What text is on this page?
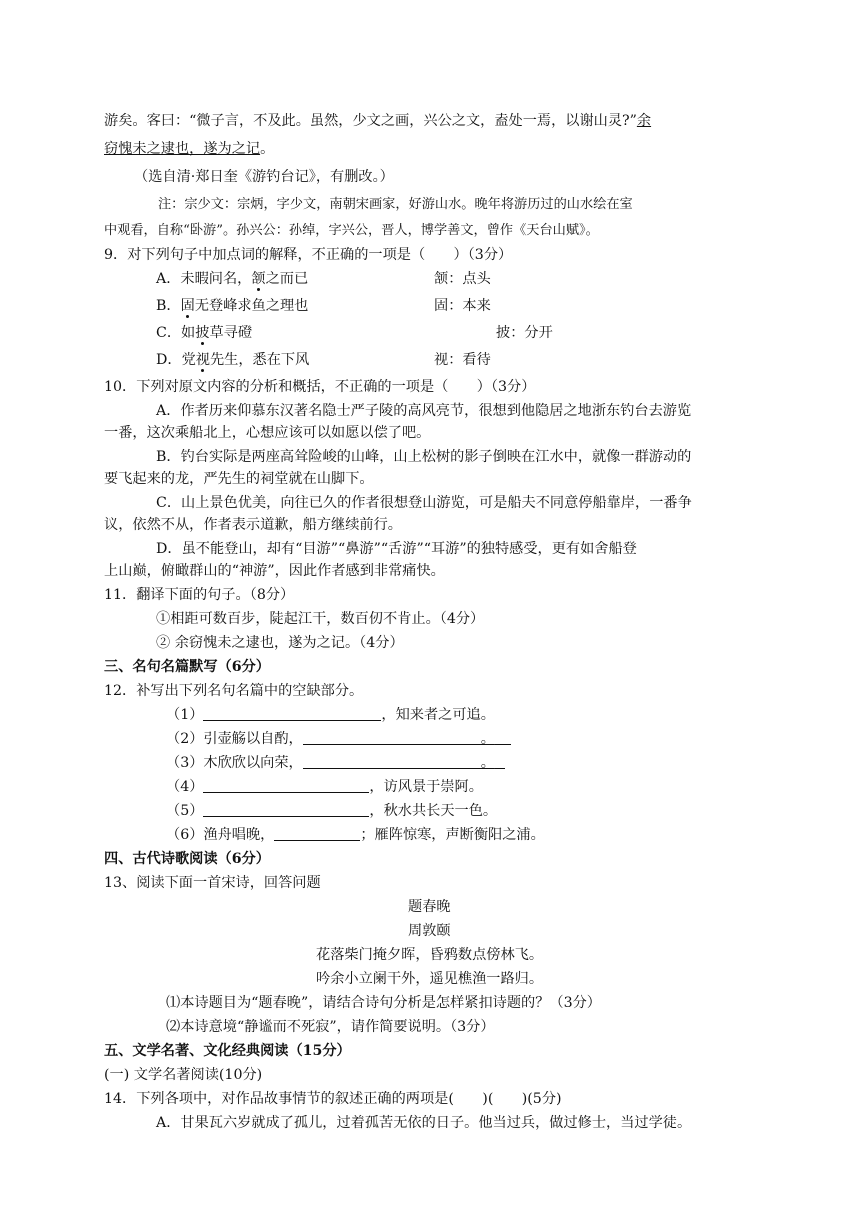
游矣。客曰：“微子言，不及此。虽然，少文之画，兴公之文，盍处一焉，以谢山灵?”余
窃愧未之逮也，遂为之记。
（选自清·郑日奎《游钓台记》，有删改。）
注：宗少文：宗炳，字少文，南朝宋画家，好游山水。晚年将游历过的山水绘在室
中观看，自称“卧游”。孙兴公：孙绰，字兴公，晋人，博学善文，曾作《天台山赋》。
9．对下列句子中加点词的解释，不正确的一项是（　　）（3分）
A．未暇问名，颔之而已	颔：点头
B．固无登峰求鱼之理也	固：本来
C．如披草寻磴	披：分开
D．党视先生，悉在下风	视：看待
10．下列对原文内容的分析和概括，不正确的一项是（　　）（3分）
A．作者历来仰慕东汉著名隐士严子陵的高风亮节，很想到他隐居之地浙东钓台去游览
一番，这次乘船北上，心想应该可以如愿以偿了吧。
B．钓台实际是两座高耸险峻的山峰，山上松树的影子倒映在江水中，就像一群游动的
要飞起来的龙，严先生的祠堂就在山脚下。
C．山上景色优美，向往已久的作者很想登山游览，可是船夫不同意停船靠岸，一番争
议，依然不从，作者表示道歉，船方继续前行。
D．虽不能登山，却有“目游”“鼻游”“舌游”“耳游”的独特感受，更有如舍船登
上山巅，俯瞰群山的“神游”，因此作者感到非常痛快。
11．翻译下面的句子。（8分）
①相距可数百步，陡起江干，数百仞不肯止。（4分）
② 余窃愧未之逮也，遂为之记。（4分）
三、名句名篇默写（6分）
12．补写出下列名句名篇中的空缺部分。
（1）	，知来者之可追。
（2）引壶觞以自酌，	。
（3）木欣欣以向荣，	。
（4）	，访风景于崇阿。
（5）	，秋水共长天一色。
（6）渔舟唱晚，	；雁阵惊寒，声断衡阳之浦。
四、古代诗歌阅读（6分）
13、阅读下面一首宋诗，回答问题
题春晚
周敦颐
花落柴门掩夕晖，昏鸦数点傍林飞。
吟余小立阑干外，遥见樵渔一路归。
⑴本诗题目为“题春晚”，请结合诗句分析是怎样紧扣诗题的？（3分）
⑵本诗意境“静谧而不死寂”，请作简要说明。（3分）
五、文学名著、文化经典阅读（15分）
(一) 文学名著阅读(10分)
14．下列各项中，对作品故事情节的叙述正确的两项是(　　)(　　)(5分)
A．甘果瓦六岁就成了孤儿，过着孤苦无依的日子。他当过兵，做过修士，当过学徒。
